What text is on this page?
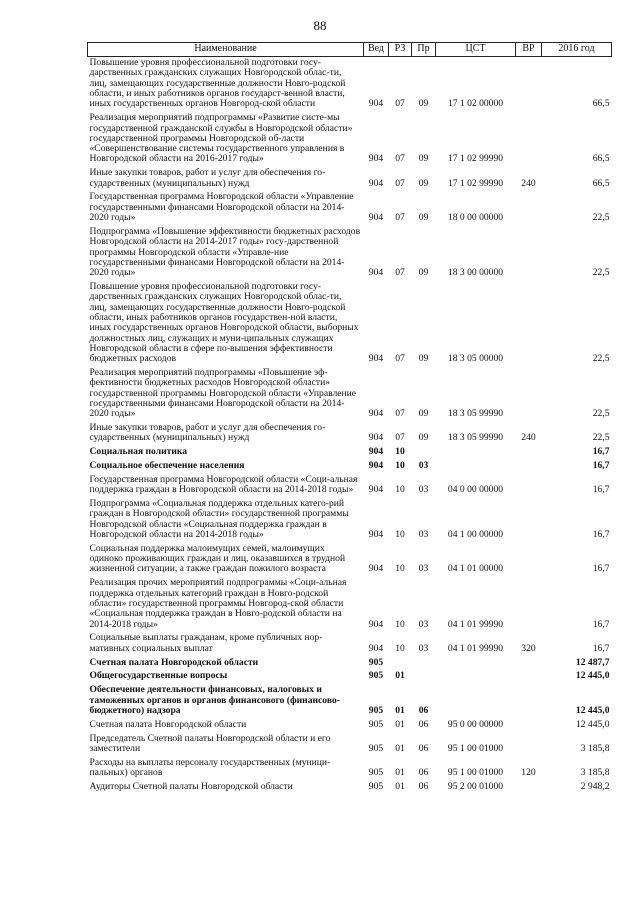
88
Наименование	Вед	РЗ	Пр	ЦСТ	ВР	2016 год
Повышение уровня профессиональной подготовки госу-дарственных гражданских служащих Новгородской облас-ти, лиц, замещающих государственные должности Новго-родской области, и иных работников органов государст-венной власти, иных государственных органов Новгород-ской области	904	07	09	17 1 02 00000		66,5
Реализация мероприятий подпрограммы «Развитие систе-мы государственной гражданской службы в Новгородской области» государственной программы Новгородской об-ласти «Совершенствование системы государственного управления в Новгородской области на 2016-2017 годы»	904	07	09	17 1 02 99990		66,5
Иные закупки товаров, работ и услуг для обеспечения го-сударственных (муниципальных) нужд	904	07	09	17 1 02 99990	240	66,5
Государственная программа Новгородской области «Управление государственными финансами Новгородской области на 2014-2020 годы»	904	07	09	18 0 00 00000		22,5
Подпрограмма «Повышение эффективности бюджетных расходов Новгородской области на 2014-2017 годы» госу-дарственной программы Новгородской области «Управле-ние государственными финансами Новгородской области на 2014-2020 годы»	904	07	09	18 3 00 00000		22,5
Повышение уровня профессиональной подготовки госу-дарственных гражданских служащих Новгородской облас-ти, лиц, замещающих государственные должности Новго-родской области, иных работников органов государствен-ной власти, иных государственных органов Новгородской области, выборных должностных лиц, служащих и муни-ципальных служащих Новгородской области в сфере по-вышения эффективности бюджетных расходов	904	07	09	18 3 05 00000		22,5
Реализация мероприятий подпрограммы «Повышение эф-фективности бюджетных расходов Новгородской области» государственной программы Новгородской области «Управление государственными финансами Новгородской области на 2014-2020 годы»	904	07	09	18 3 05 99990		22,5
Иные закупки товаров, работ и услуг для обеспечения го-сударственных (муниципальных) нужд	904	07	09	18 3 05 99990	240	22,5
Социальная политика	904	10				16,7
Социальное обеспечение населения	904	10	03			16,7
Государственная программа Новгородской области «Соци-альная поддержка граждан в Новгородской области на 2014-2018 годы»	904	10	03	04 0 00 00000		16,7
Подпрограмма «Социальная поддержка отдельных катего-рий граждан в Новгородской области» государственной программы Новгородской области «Социальная поддержка граждан в Новгородской области на 2014-2018 годы»	904	10	03	04 1 00 00000		16,7
Социальная поддержка малоимущих семей, малоимущих одиноко проживающих граждан и лиц, оказавшихся в трудной жизненной ситуации, а также граждан пожилого возраста	904	10	03	04 1 01 00000		16,7
Реализация прочих мероприятий подпрограммы «Соци-альная поддержка отдельных категорий граждан в Новго-родской области» государственной программы Новгород-ской области «Социальная поддержка граждан в Новго-родской области на 2014-2018 годы»	904	10	03	04 1 01 99990		16,7
Социальные выплаты гражданам, кроме публичных нор-мативных социальных выплат	904	10	03	04 1 01 99990	320	16,7
Счетная палата Новгородской области	905					12 487,7
Общегосударственные вопросы	905	01				12 445,0
Обеспечение деятельности финансовых, налоговых и таможенных органов и органов финансового (финансово-бюджетного) надзора	905	01	06			12 445,0
Счетная палата Новгородской области	905	01	06	95 0 00 00000		12 445,0
Председатель Счетной палаты Новгородской области и его заместители	905	01	06	95 1 00 01000		3 185,8
Расходы на выплаты персоналу государственных (муници-пальных) органов	905	01	06	95 1 00 01000	120	3 185,8
Аудиторы Счетной палаты Новгородской области	905	01	06	95 2 00 01000		2 948,2
